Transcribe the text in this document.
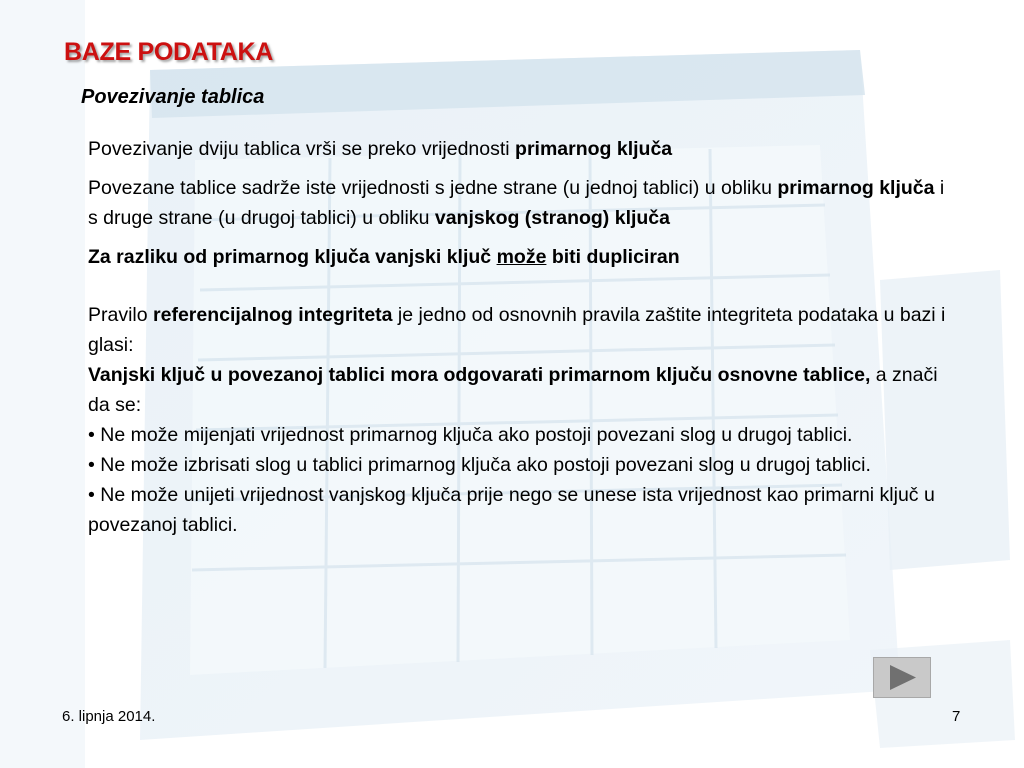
BAZE PODATAKA
Povezivanje tablica

Povezivanje dviju tablica vrši se preko vrijednosti primarnog ključa

Povezane tablice sadrže iste vrijednosti s jedne strane (u jednoj tablici) u obliku primarnog ključa i s druge strane (u drugoj tablici) u obliku vanjskog (stranog) ključa

Za razliku od primarnog ključa vanjski ključ može biti dupliciran

Pravilo referencijalnog integriteta je jedno od osnovnih pravila zaštite integriteta podataka u bazi i glasi:

Vanjski ključ u povezanoj tablici mora odgovarati primarnom ključu osnovne tablice, a znači da se:

• Ne može mijenjati vrijednost primarnog ključa ako postoji povezani slog u drugoj tablici.

• Ne može izbrisati slog u tablici primarnog ključa ako postoji povezani slog u drugoj tablici.

• Ne može unijeti vrijednost vanjskog ključa prije nego se unese ista vrijednost kao primarni ključ u povezanoj tablici.

6. lipnja 2014.	7
